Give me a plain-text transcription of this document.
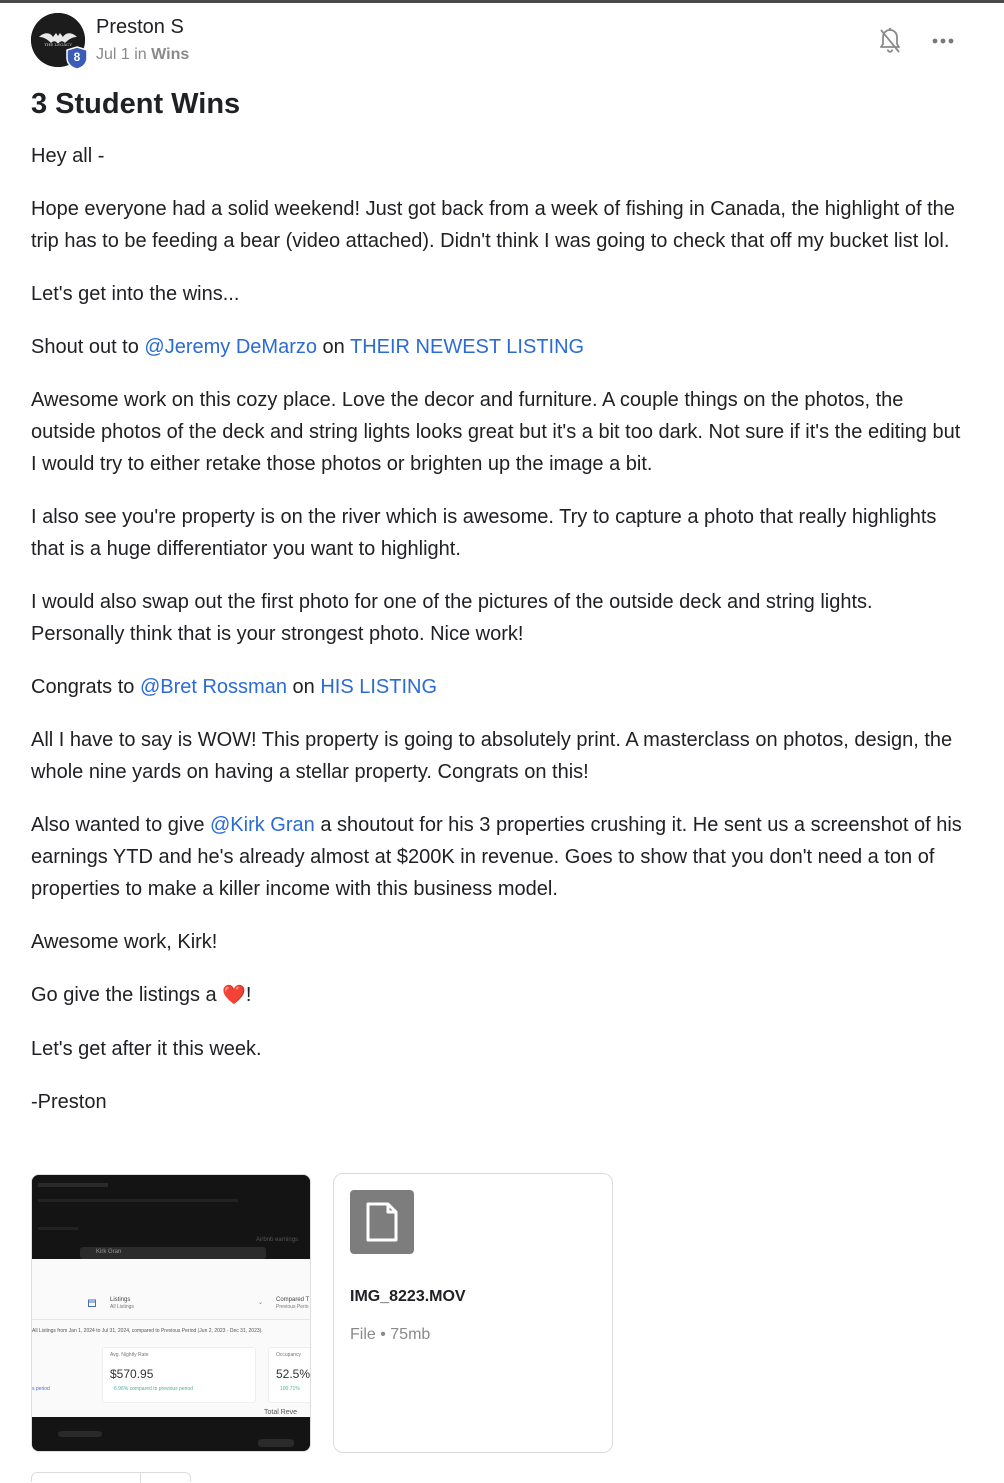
THE LEGACY
8
Preston S
Jul 1 in Wins
3 Student Wins

Hey all -

Hope everyone had a solid weekend! Just got back from a week of fishing in Canada, the highlight of the trip has to be feeding a bear (video attached). Didn't think I was going to check that off my bucket list lol.

Let's get into the wins...

Shout out to @Jeremy DeMarzo on THEIR NEWEST LISTING

Awesome work on this cozy place. Love the decor and furniture. A couple things on the photos, the outside photos of the deck and string lights looks great but it's a bit too dark. Not sure if it's the editing but I would try to either retake those photos or brighten up the image a bit.

I also see you're property is on the river which is awesome. Try to capture a photo that really highlights that is a huge differentiator you want to highlight.

I would also swap out the first photo for one of the pictures of the outside deck and string lights. Personally think that is your strongest photo. Nice work!

Congrats to @Bret Rossman on HIS LISTING

All I have to say is WOW! This property is going to absolutely print. A masterclass on photos, design, the whole nine yards on having a stellar property. Congrats on this!

Also wanted to give @Kirk Gran a shoutout for his 3 properties crushing it. He sent us a screenshot of his earnings YTD and he's already almost at $200K in revenue. Goes to show that you don't need a ton of properties to make a killer income with this business model.

Awesome work, Kirk!

Go give the listings a ❤️!

Let's get after it this week.

-Preston

Airbnb earnings
Kirk Gran
Listings
All Listings
⌄ Compared T
Previous Perio
All Listings from Jan 1, 2024 to Jul 31, 2024, compared to Previous Period (Jun 2, 2023 - Dec 31, 2023).
Avg. Nightly Rate
$570.95
6.96% compared to previous period
Occupancy
52.5%
100.71%
s period
Total Reve
IMG_8223.MOV
File • 75mb
